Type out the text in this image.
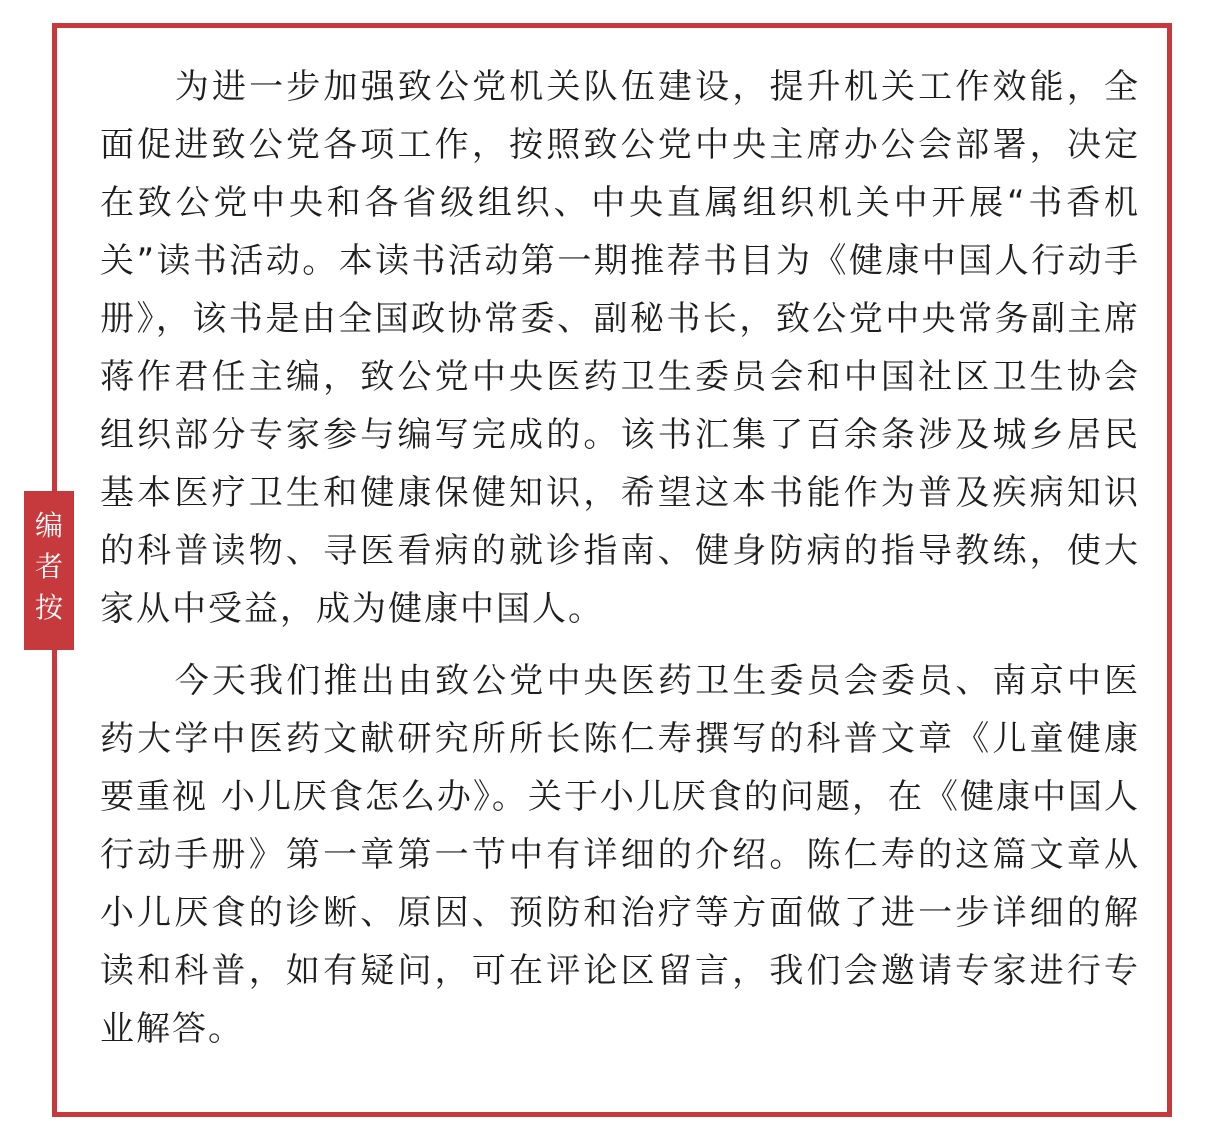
编
者
按

为进一步加强致公党机关队伍建设，提升机关工作效能，全面促进致公党各项工作，按照致公党中央主席办公会部署，决定在致公党中央和各省级组织、中央直属组织机关中开展“书香机关”读书活动。本读书活动第一期推荐书目为《健康中国人行动手册》，该书是由全国政协常委、副秘书长，致公党中央常务副主席蒋作君任主编，致公党中央医药卫生委员会和中国社区卫生协会组织部分专家参与编写完成的。该书汇集了百余条涉及城乡居民基本医疗卫生和健康保健知识，希望这本书能作为普及疾病知识的科普读物、寻医看病的就诊指南、健身防病的指导教练，使大家从中受益，成为健康中国人。

今天我们推出由致公党中央医药卫生委员会委员、南京中医药大学中医药文献研究所所长陈仁寿撰写的科普文章《儿童健康要重视 小儿厌食怎么办》。关于小儿厌食的问题，在《健康中国人行动手册》第一章第一节中有详细的介绍。陈仁寿的这篇文章从小儿厌食的诊断、原因、预防和治疗等方面做了进一步详细的解读和科普，如有疑问，可在评论区留言，我们会邀请专家进行专业解答。
